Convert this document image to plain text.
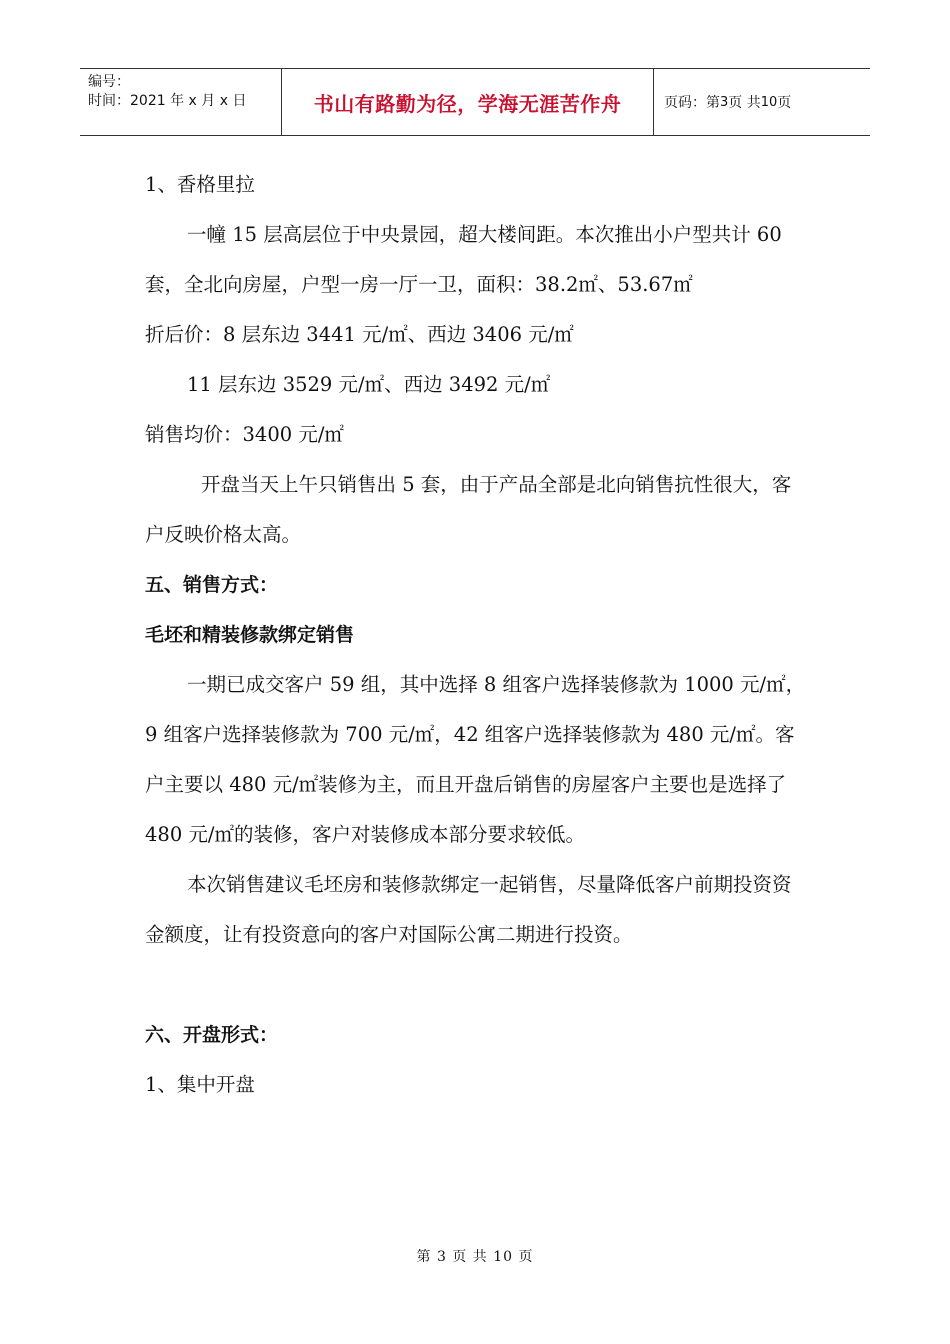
编号：
时间：2021 年 x 月 x 日	书山有路勤为径，学海无涯苦作舟	页码：第 3 页 共 10 页

1、香格里拉

一幢 15 层高层位于中央景园，超大楼间距。本次推出小户型共计 60 套，全北向房屋，户型一房一厅一卫，面积：38.2㎡、53.67㎡

折后价：8 层东边 3441 元/㎡、西边 3406 元/㎡

11 层东边 3529 元/㎡、西边 3492 元/㎡

销售均价：3400 元/㎡

开盘当天上午只销售出 5 套，由于产品全部是北向销售抗性很大，客户反映价格太高。

五、销售方式：

毛坯和精装修款绑定销售

一期已成交客户 59 组，其中选择 8 组客户选择装修款为 1000 元/㎡，9 组客户选择装修款为 700 元/㎡，42 组客户选择装修款为 480 元/㎡。客户主要以 480 元/㎡装修为主，而且开盘后销售的房屋客户主要也是选择了 480 元/㎡的装修，客户对装修成本部分要求较低。

本次销售建议毛坯房和装修款绑定一起销售，尽量降低客户前期投资资金额度，让有投资意向的客户对国际公寓二期进行投资。

六、开盘形式：

1、集中开盘

第 3 页 共 10 页
